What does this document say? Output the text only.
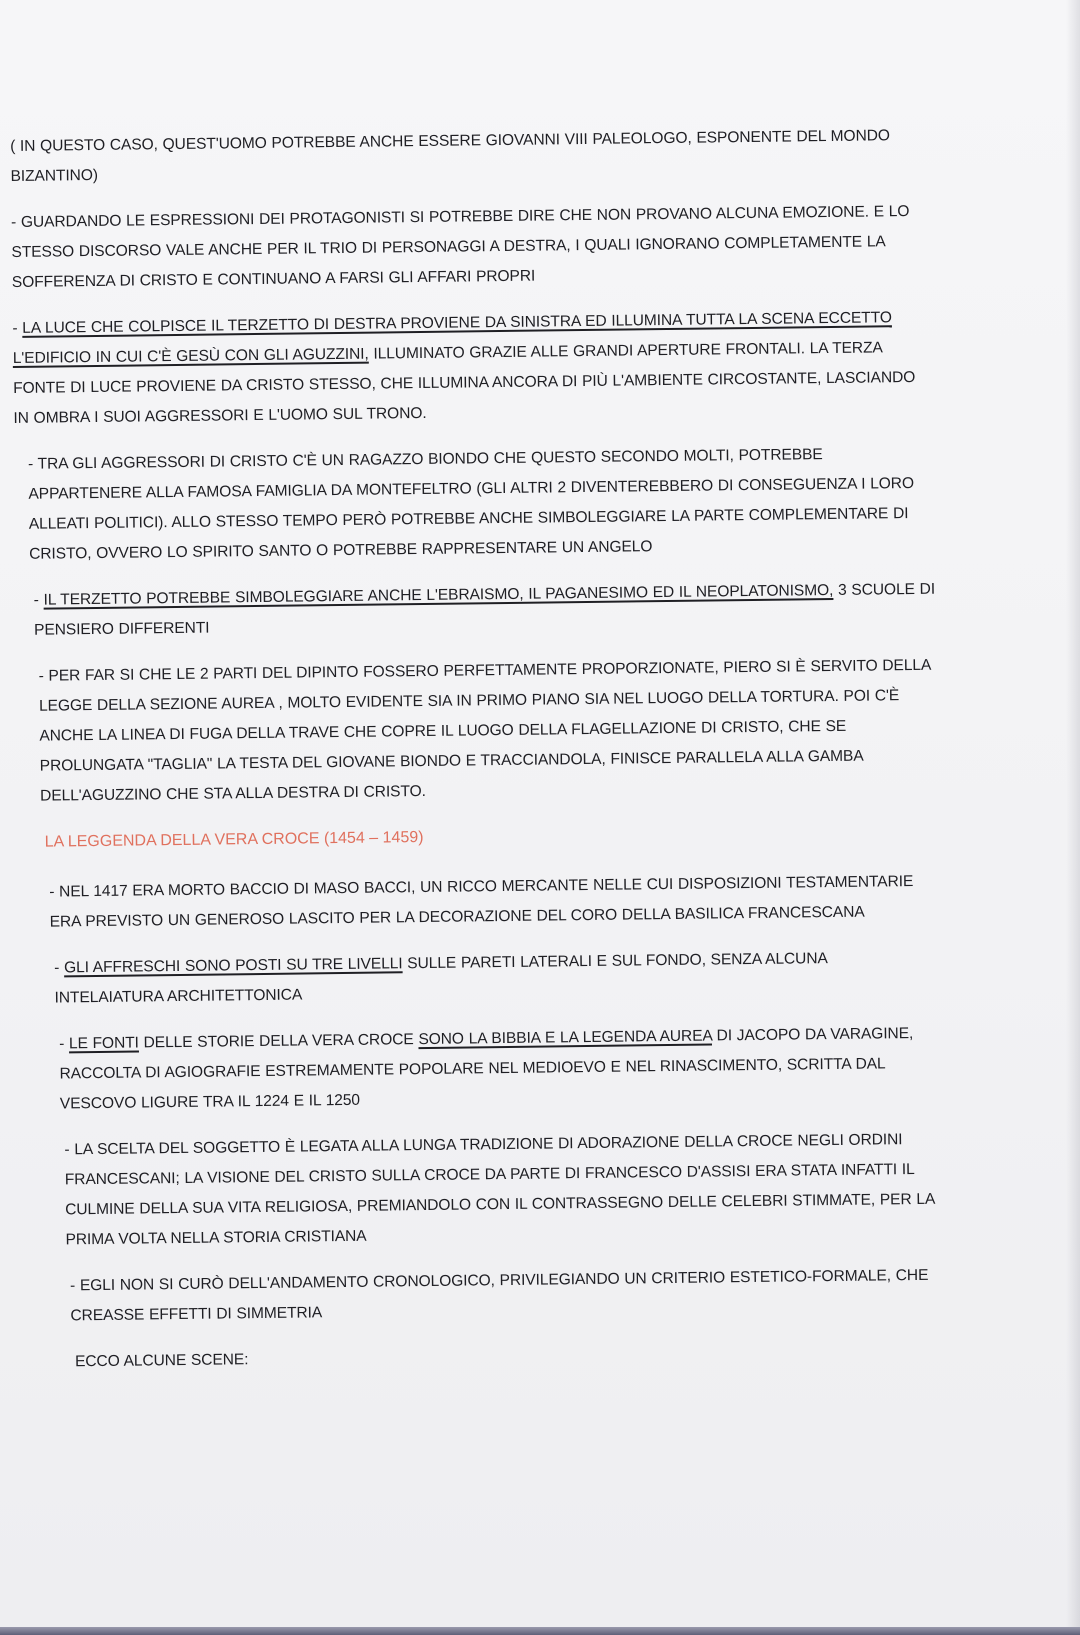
( IN QUESTO CASO, QUEST'UOMO POTREBBE ANCHE ESSERE GIOVANNI VIII PALEOLOGO, ESPONENTE DEL MONDO BIZANTINO)

- GUARDANDO LE ESPRESSIONI DEI PROTAGONISTI SI POTREBBE DIRE CHE NON PROVANO ALCUNA EMOZIONE. E LO STESSO DISCORSO VALE ANCHE PER IL TRIO DI PERSONAGGI A DESTRA, I QUALI IGNORANO COMPLETAMENTE LA SOFFERENZA DI CRISTO E CONTINUANO A FARSI GLI AFFARI PROPRI

- LA LUCE CHE COLPISCE IL TERZETTO DI DESTRA PROVIENE DA SINISTRA ED ILLUMINA TUTTA LA SCENA ECCETTO L'EDIFICIO IN CUI C'È GESÙ CON GLI AGUZZINI, ILLUMINATO GRAZIE ALLE GRANDI APERTURE FRONTALI. LA TERZA FONTE DI LUCE PROVIENE DA CRISTO STESSO, CHE ILLUMINA ANCORA DI PIÙ L'AMBIENTE CIRCOSTANTE, LASCIANDO IN OMBRA I SUOI AGGRESSORI E L'UOMO SUL TRONO.

- TRA GLI AGGRESSORI DI CRISTO C'È UN RAGAZZO BIONDO CHE QUESTO SECONDO MOLTI, POTREBBE APPARTENERE ALLA FAMOSA FAMIGLIA DA MONTEFELTRO (GLI ALTRI 2 DIVENTEREBBERO DI CONSEGUENZA I LORO ALLEATI POLITICI). ALLO STESSO TEMPO PERÒ POTREBBE ANCHE SIMBOLEGGIARE LA PARTE COMPLEMENTARE DI CRISTO, OVVERO LO SPIRITO SANTO O POTREBBE RAPPRESENTARE UN ANGELO

- IL TERZETTO POTREBBE SIMBOLEGGIARE ANCHE L'EBRAISMO, IL PAGANESIMO ED IL NEOPLATONISMO, 3 SCUOLE DI PENSIERO DIFFERENTI

- PER FAR SI CHE LE 2 PARTI DEL DIPINTO FOSSERO PERFETTAMENTE PROPORZIONATE, PIERO SI È SERVITO DELLA LEGGE DELLA SEZIONE AUREA , MOLTO EVIDENTE SIA IN PRIMO PIANO SIA NEL LUOGO DELLA TORTURA. POI C'È ANCHE LA LINEA DI FUGA DELLA TRAVE CHE COPRE IL LUOGO DELLA FLAGELLAZIONE DI CRISTO, CHE SE PROLUNGATA "TAGLIA" LA TESTA DEL GIOVANE BIONDO E TRACCIANDOLA, FINISCE PARALLELA ALLA GAMBA DELL'AGUZZINO CHE STA ALLA DESTRA DI CRISTO.

LA LEGGENDA DELLA VERA CROCE (1454 – 1459)

- NEL 1417 ERA MORTO BACCIO DI MASO BACCI, UN RICCO MERCANTE NELLE CUI DISPOSIZIONI TESTAMENTARIE ERA PREVISTO UN GENEROSO LASCITO PER LA DECORAZIONE DEL CORO DELLA BASILICA FRANCESCANA

- GLI AFFRESCHI SONO POSTI SU TRE LIVELLI SULLE PARETI LATERALI E SUL FONDO, SENZA ALCUNA INTELAIATURA ARCHITETTONICA

- LE FONTI DELLE STORIE DELLA VERA CROCE SONO LA BIBBIA E LA LEGENDA AUREA DI JACOPO DA VARAGINE, RACCOLTA DI AGIOGRAFIE ESTREMAMENTE POPOLARE NEL MEDIOEVO E NEL RINASCIMENTO, SCRITTA DAL VESCOVO LIGURE TRA IL 1224 E IL 1250

- LA SCELTA DEL SOGGETTO È LEGATA ALLA LUNGA TRADIZIONE DI ADORAZIONE DELLA CROCE NEGLI ORDINI FRANCESCANI; LA VISIONE DEL CRISTO SULLA CROCE DA PARTE DI FRANCESCO D'ASSISI ERA STATA INFATTI IL CULMINE DELLA SUA VITA RELIGIOSA, PREMIANDOLO CON IL CONTRASSEGNO DELLE CELEBRI STIMMATE, PER LA PRIMA VOLTA NELLA STORIA CRISTIANA

- EGLI NON SI CURÒ DELL'ANDAMENTO CRONOLOGICO, PRIVILEGIANDO UN CRITERIO ESTETICO-FORMALE, CHE CREASSE EFFETTI DI SIMMETRIA

ECCO ALCUNE SCENE:
